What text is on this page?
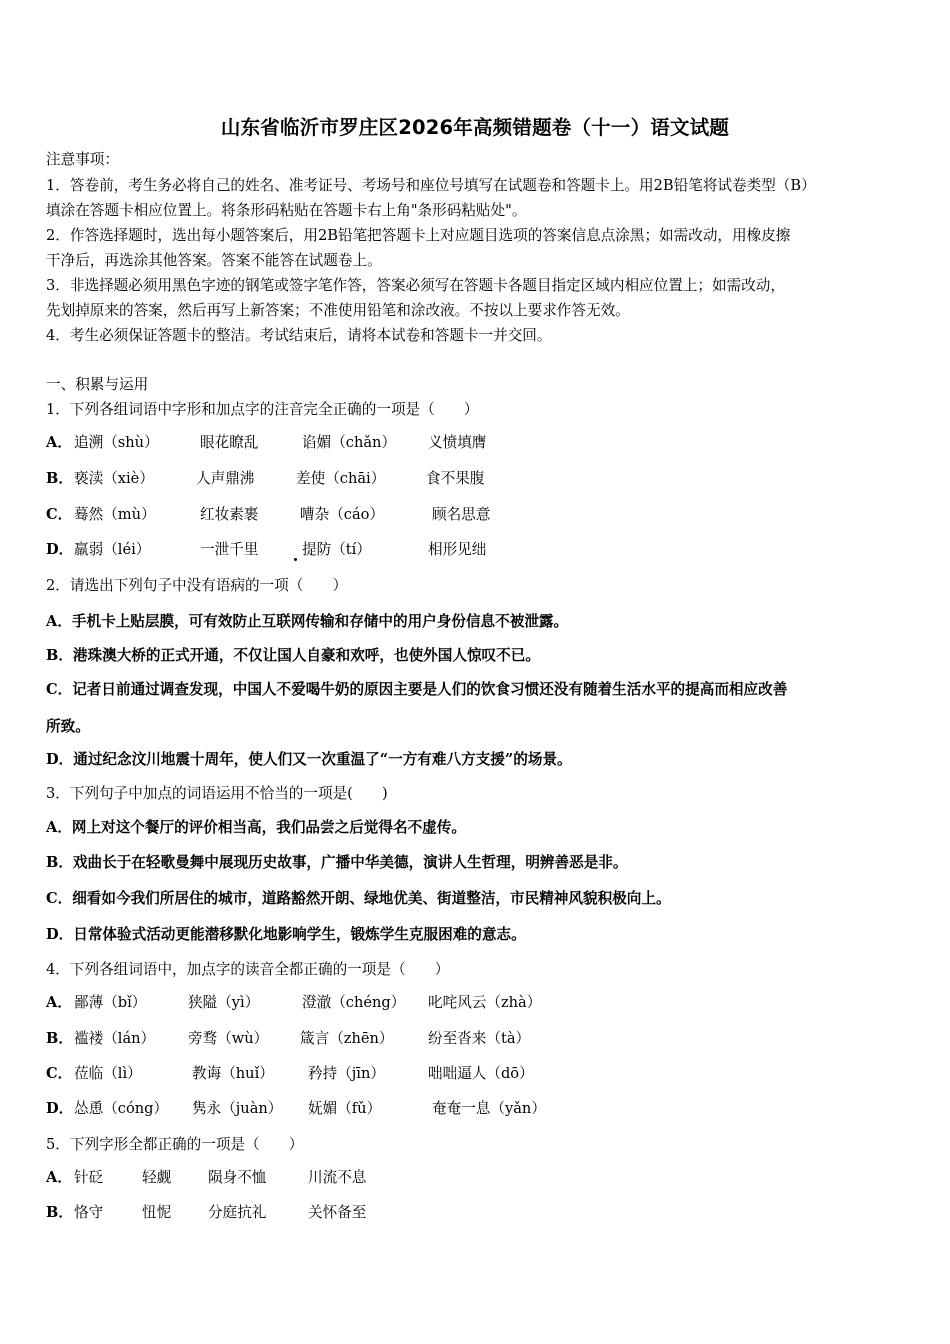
山东省临沂市罗庄区2026年高频错题卷（十一）语文试题
注意事项：
1．答卷前，考生务必将自己的姓名、准考证号、考场号和座位号填写在试题卷和答题卡上。用2B铅笔将试卷类型（B）
填涂在答题卡相应位置上。将条形码粘贴在答题卡右上角"条形码粘贴处"。
2．作答选择题时，选出每小题答案后，用2B铅笔把答题卡上对应题目选项的答案信息点涂黑；如需改动，用橡皮擦
干净后，再选涂其他答案。答案不能答在试题卷上。
3．非选择题必须用黑色字迹的钢笔或签字笔作答，答案必须写在答题卡各题目指定区域内相应位置上；如需改动，
先划掉原来的答案，然后再写上新答案；不准使用铅笔和涂改液。不按以上要求作答无效。
4．考生必须保证答题卡的整洁。考试结束后，请将本试卷和答题卡一并交回。
一、积累与运用
1．下列各组词语中字形和加点字的注音完全正确的一项是（　　）
A． 追溯（shù）	眼花瞭乱	谄媚（chǎn） 义愤填膺
B． 亵渎（xiè）	人声鼎沸	差使（chāi）	食不果腹
C． 蓦然（mù）	红妆素裹	嘈杂（cáo）	顾名思意
D． 羸弱（léi）	一泄千里	提防（tí）	相形见绌
2．请选出下列句子中没有语病的一项（　　）
A．手机卡上贴层膜，可有效防止互联网传输和存储中的用户身份信息不被泄露。
B．港珠澳大桥的正式开通，不仅让国人自豪和欢呼，也使外国人惊叹不已。
C．记者日前通过调查发现，中国人不爱喝牛奶的原因主要是人们的饮食习惯还没有随着生活水平的提高而相应改善
所致。
D．通过纪念汶川地震十周年，使人们又一次重温了“一方有难八方支援”的场景。
3．下列句子中加点的词语运用不恰当的一项是(　　)
A．网上对这个餐厅的评价相当高，我们品尝之后觉得名不虚传。
B．戏曲长于在轻歌曼舞中展现历史故事，广播中华美德，演讲人生哲理，明辨善恶是非。
C．细看如今我们所居住的城市，道路豁然开朗、绿地优美、街道整洁，市民精神风貌积极向上。
D．日常体验式活动更能潜移默化地影响学生，锻炼学生克服困难的意志。
4．下列各组词语中，加点字的读音全都正确的一项是（　　）
A． 鄙薄（bǐ）	狭隘（yì）	澄澈（chéng） 叱咤风云（zhà）
B． 褴褛（lán） 旁骛（wù） 箴言（zhēn） 纷至沓来（tà）
C． 莅临（lì）	教诲（huǐ） 矜持（jīn）	咄咄逼人（dō）
D． 怂恿（cóng） 隽永（juàn） 妩媚（fǔ）	奄奄一息（yǎn）
5．下列字形全都正确的一项是（　　）
A． 针砭	轻觑	陨身不恤	川流不息
B． 恪守	忸怩	分庭抗礼	关怀备至
